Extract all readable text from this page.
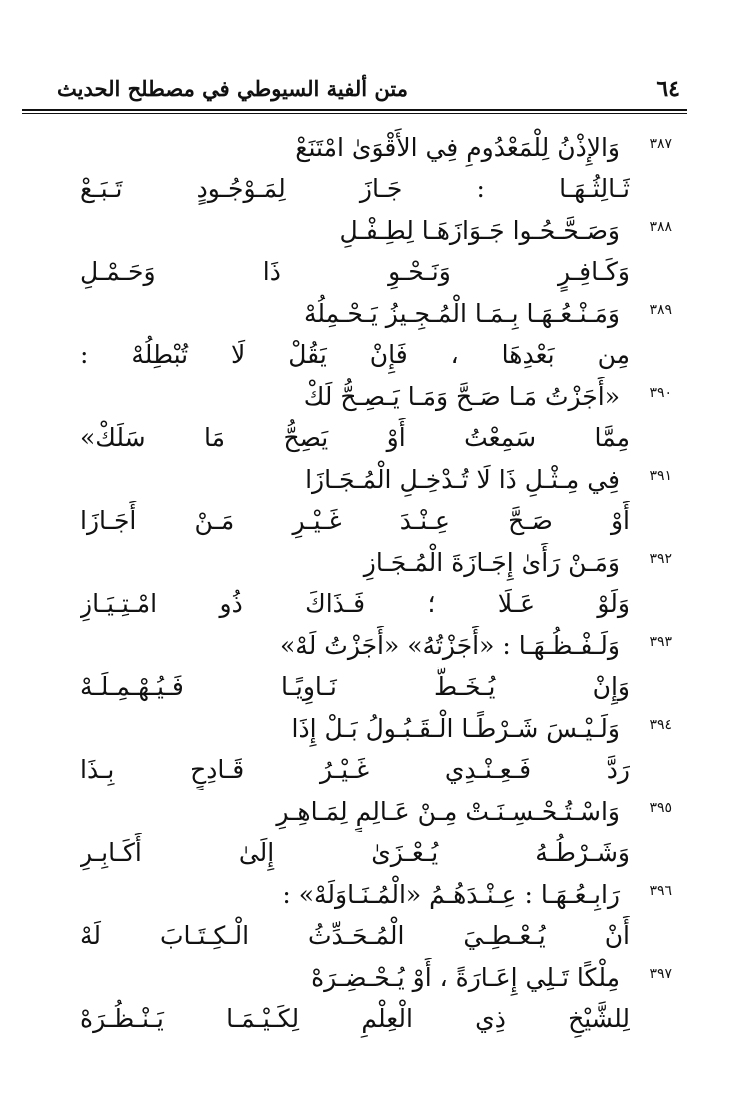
متن ألفية السيوطي في مصطلح الحديث	٦٤
٣٨٧
وَالإِذْنُ لِلْمَعْدُومِ فِي الأَقْوَىٰ امْتَنَعْ
ثَـالِثُـهَـا : جَـازَ لِمَـوْجُـودٍ تَـبَـعْ
٣٨٨
وَصَـحَّـحُـوا جَـوَازَهَـا لِطِـفْـلِ
وَكَـافِـرٍ وَنَـحْـوِ ذَا وَحَـمْـلِ
٣٨٩
وَمَـنْـعُـهَـا بِـمَـا الْمُـجِـيزُ يَـحْـمِلُهْ
مِن بَعْدِهَا ، فَإِنْ يَقُلْ لَا تُبْطِلُهْ :
٣٩٠
«أَجَزْتُ مَـا صَـحَّ وَمَـا يَـصِـحُّ لَكْ
مِمَّا سَمِعْتُ أَوْ يَصِحُّ مَا سَلَكْ»
٣٩١
فِي مِـثْـلِ ذَا لَا تُـدْخِـلِ الْمُـجَـازَا
أَوْ صَـحَّ عِـنْـدَ غَـيْـرِ مَـنْ أَجَـازَا
٣٩٢
وَمَـنْ رَأَىٰ إِجَـازَةَ الْمُـجَـازِ
وَلَوْ عَـلَا ؛ فَـذَاكَ ذُو امْـتِـيَـازِ
٣٩٣
وَلَـفْـظُـهَـا : «أَجَزْتُهُ» «أَجَزْتُ لَهْ»
وَإِنْ يُـخَـطَّ نَـاوِيًـا فَـيُـهْـمِـلَـهْ
٣٩٤
وَلَـيْـسَ شَـرْطًـا الْـقَـبُـولُ بَـلْ إِذَا
رَدَّ فَـعِـنْـدِي غَـيْـرُ قَـادِحٍ بِـذَا
٣٩٥
وَاسْـتُـحْـسِـنَـتْ مِـنْ عَـالِمٍ لِمَـاهِـرِ
وَشَـرْطُـهُ يُـعْـزَىٰ إِلَىٰ أَكَـابِـرِ
٣٩٦
رَابِـعُـهَـا : عِـنْـدَهُـمُ «الْمُـنَـاوَلَهْ» :
أَنْ يُـعْـطِـيَ الْمُـحَـدِّثُ الْـكِـتَـابَ لَهْ
٣٩٧
مِلْكًا تَـلِي إِعَـارَةً ، أَوْ يُـحْـضِـرَهْ
لِلشَّيْخِ ذِي الْعِلْمِ لِكَـيْـمَـا يَـنْـظُـرَهْ
